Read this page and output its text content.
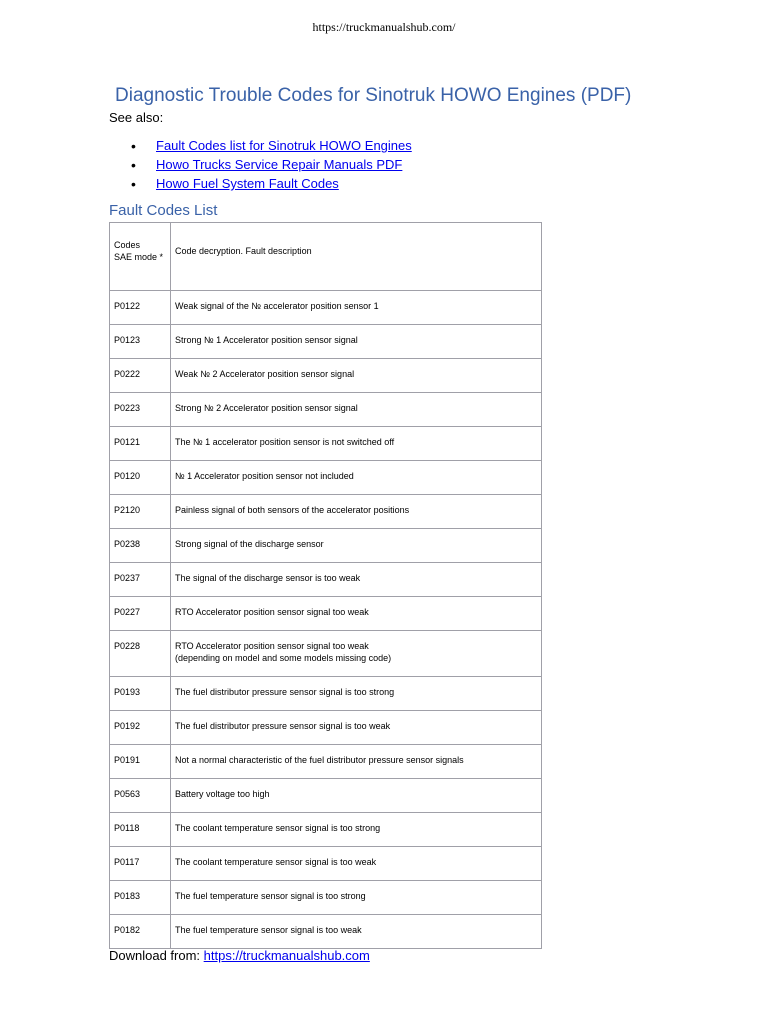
https://truckmanualshub.com/
Diagnostic Trouble Codes for Sinotruk HOWO Engines (PDF)
See also:
•	Fault Codes list for Sinotruk HOWO Engines
•	Howo Trucks Service Repair Manuals PDF
•	Howo Fuel System Fault Codes
Fault Codes List
Codes
SAE mode *	Code decryption. Fault description
P0122	Weak signal of the № accelerator position sensor 1
P0123	Strong № 1 Accelerator position sensor signal
P0222	Weak № 2 Accelerator position sensor signal
P0223	Strong № 2 Accelerator position sensor signal
P0121	The № 1 accelerator position sensor is not switched off
P0120	№ 1 Accelerator position sensor not included
P2120	Painless signal of both sensors of the accelerator positions
P0238	Strong signal of the discharge sensor
P0237	The signal of the discharge sensor is too weak
P0227	RTO Accelerator position sensor signal too weak
P0228	RTO Accelerator position sensor signal too weak
(depending on model and some models missing code)
P0193	The fuel distributor pressure sensor signal is too strong
P0192	The fuel distributor pressure sensor signal is too weak
P0191	Not a normal characteristic of the fuel distributor pressure sensor signals
P0563	Battery voltage too high
P0118	The coolant temperature sensor signal is too strong
P0117	The coolant temperature sensor signal is too weak
P0183	The fuel temperature sensor signal is too strong
P0182	The fuel temperature sensor signal is too weak
Download from: https://truckmanualshub.com
